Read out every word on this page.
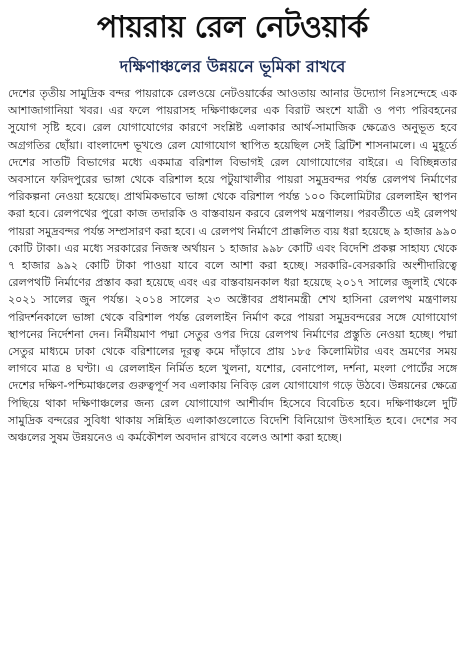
পায়রায় রেল নেটওয়ার্ক
দক্ষিণাঞ্চলের উন্নয়নে ভূমিকা রাখবে

দেশের তৃতীয় সামুদ্রিক বন্দর পায়রাকে রেলওয়ে নেটওয়ার্কের আওতায় আনার উদ্যোগ নিঃসন্দেহে এক আশাজাগানিয়া খবর। এর ফলে পায়রাসহ দক্ষিণাঞ্চলের এক বিরাট অংশে যাত্রী ও পণ্য পরিবহনের সুযোগ সৃষ্টি হবে। রেল যোগাযোগের কারণে সংশ্লিষ্ট এলাকার আর্থ-সামাজিক ক্ষেত্রেও অনুভূত হবে অগ্রগতির ছোঁয়া। বাংলাদেশ ভূখণ্ডে রেল যোগাযোগ স্থাপিত হয়েছিল সেই ব্রিটিশ শাসনামলে। এ মুহূর্তে দেশের সাতটি বিভাগের মধ্যে একমাত্র বরিশাল বিভাগই রেল যোগাযোগের বাইরে। এ বিচ্ছিন্নতার অবসানে ফরিদপুরের ভাঙ্গা থেকে বরিশাল হয়ে পটুয়াখালীর পায়রা সমুদ্রবন্দর পর্যন্ত রেলপথ নির্মাণের পরিকল্পনা নেওয়া হয়েছে। প্রাথমিকভাবে ভাঙ্গা থেকে বরিশাল পর্যন্ত ১০০ কিলোমিটার রেললাইন স্থাপন করা হবে। রেলপথের পুরো কাজ তদারকি ও বাস্তবায়ন করবে রেলপথ মন্ত্রণালয়। পরবর্তীতে এই রেলপথ পায়রা সমুদ্রবন্দর পর্যন্ত সম্প্রসারণ করা হবে। এ রেলপথ নির্মাণে প্রাক্কলিত ব্যয় ধরা হয়েছে ৯ হাজার ৯৯০ কোটি টাকা। এর মধ্যে সরকারের নিজস্ব অর্থায়ন ১ হাজার ৯৯৮ কোটি এবং বিদেশি প্রকল্প সাহায্য থেকে ৭ হাজার ৯৯২ কোটি টাকা পাওয়া যাবে বলে আশা করা হচ্ছে। সরকারি-বেসরকারি অংশীদারিত্বে রেলপথটি নির্মাণের প্রস্তাব করা হয়েছে এবং এর বাস্তবায়নকাল ধরা হয়েছে ২০১৭ সালের জুলাই থেকে ২০২১ সালের জুন পর্যন্ত। ২০১৪ সালের ২৩ অক্টোবর প্রধানমন্ত্রী শেখ হাসিনা রেলপথ মন্ত্রণালয় পরিদর্শনকালে ভাঙ্গা থেকে বরিশাল পর্যন্ত রেললাইন নির্মাণ করে পায়রা সমুদ্রবন্দরের সঙ্গে যোগাযোগ স্থাপনের নির্দেশনা দেন। নির্মীয়মাণ পদ্মা সেতুর ওপর দিয়ে রেলপথ নির্মাণের প্রস্তুতি নেওয়া হচ্ছে। পদ্মা সেতুর মাধ্যমে ঢাকা থেকে বরিশালের দূরত্ব কমে দাঁড়াবে প্রায় ১৮৫ কিলোমিটার এবং ভ্রমণের সময় লাগবে মাত্র ৪ ঘণ্টা। এ রেললাইন নির্মিত হলে খুলনা, যশোর, বেনাপোল, দর্শনা, মংলা পোর্টের সঙ্গে দেশের দক্ষিণ-পশ্চিমাঞ্চলের গুরুত্বপূর্ণ সব এলাকায় নিবিড় রেল যোগাযোগ গড়ে উঠবে। উন্নয়নের ক্ষেত্রে পিছিয়ে থাকা দক্ষিণাঞ্চলের জন্য রেল যোগাযোগ আশীর্বাদ হিসেবে বিবেচিত হবে। দক্ষিণাঞ্চলে দুটি সামুদ্রিক বন্দরের সুবিধা থাকায় সন্নিহিত এলাকাগুলোতে বিদেশি বিনিয়োগ উৎসাহিত হবে। দেশের সব অঞ্চলের সুষম উন্নয়নেও এ কর্মকৌশল অবদান রাখবে বলেও আশা করা হচ্ছে।
